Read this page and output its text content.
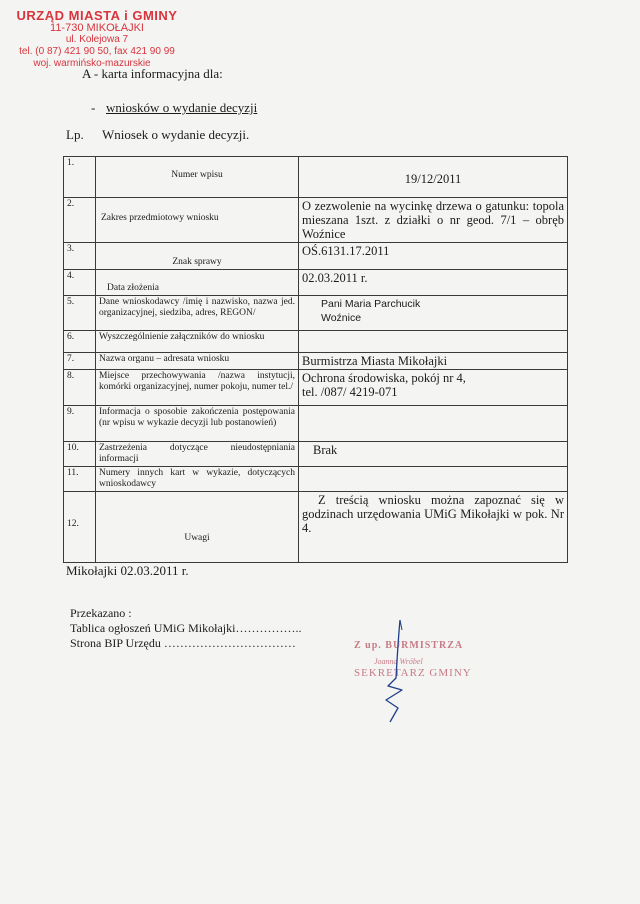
URZĄD MIASTA i GMINY
11-730 MIKOŁAJKI
ul. Kolejowa 7
tel. (0 87) 421 90 50, fax 421 90 99
woj. warmińsko-mazurskie
A - karta informacyjna dla:
- wniosków o wydanie decyzji
Lp. Wniosek o wydanie decyzji.
1.	Numer wpisu	19/12/2011

2.	Zakres przedmiotowy wniosku	O zezwolenie na wycinkę drzewa o gatunku: topola mieszana 1szt. z działki o nr geod. 7/1 – obręb Woźnice
3.	Znak sprawy	OŚ.6131.17.2011
4.	Data złożenia	02.03.2011 r.
5.	Dane wnioskodawcy /imię i nazwisko, nazwa jed. organizacyjnej, siedziba, adres, REGON/	Pani Maria Parchucik
Woźnice

6.	Wyszczególnienie załączników do wniosku	
7.	Nazwa organu – adresata wniosku	Burmistrza Miasta Mikołajki
8.	Miejsce przechowywania /nazwa instytucji, komórki organizacyjnej, numer pokoju, numer tel./	Ochrona środowiska, pokój nr 4,
tel. /087/ 4219-071

9.	Informacja o sposobie zakończenia postępowania (nr wpisu w wykazie decyzji lub postanowień)	
10.	Zastrzeżenia dotyczące nieudostępniania informacji	Brak
11.	Numery innych kart w wykazie, dotyczących wnioskodawcy	

12.	Uwagi	Z treścią wniosku można zapoznać się w godzinach urzędowania UMiG Mikołajki w pok. Nr 4.
Mikołajki 02.03.2011 r.
Przekazano :
Tablica ogłoszeń UMiG Mikołajki……………..
Strona BIP Urzędu ……………………………	Z up. BURMISTRZA
Joanna Wróbel
SEKRETARZ GMINY
